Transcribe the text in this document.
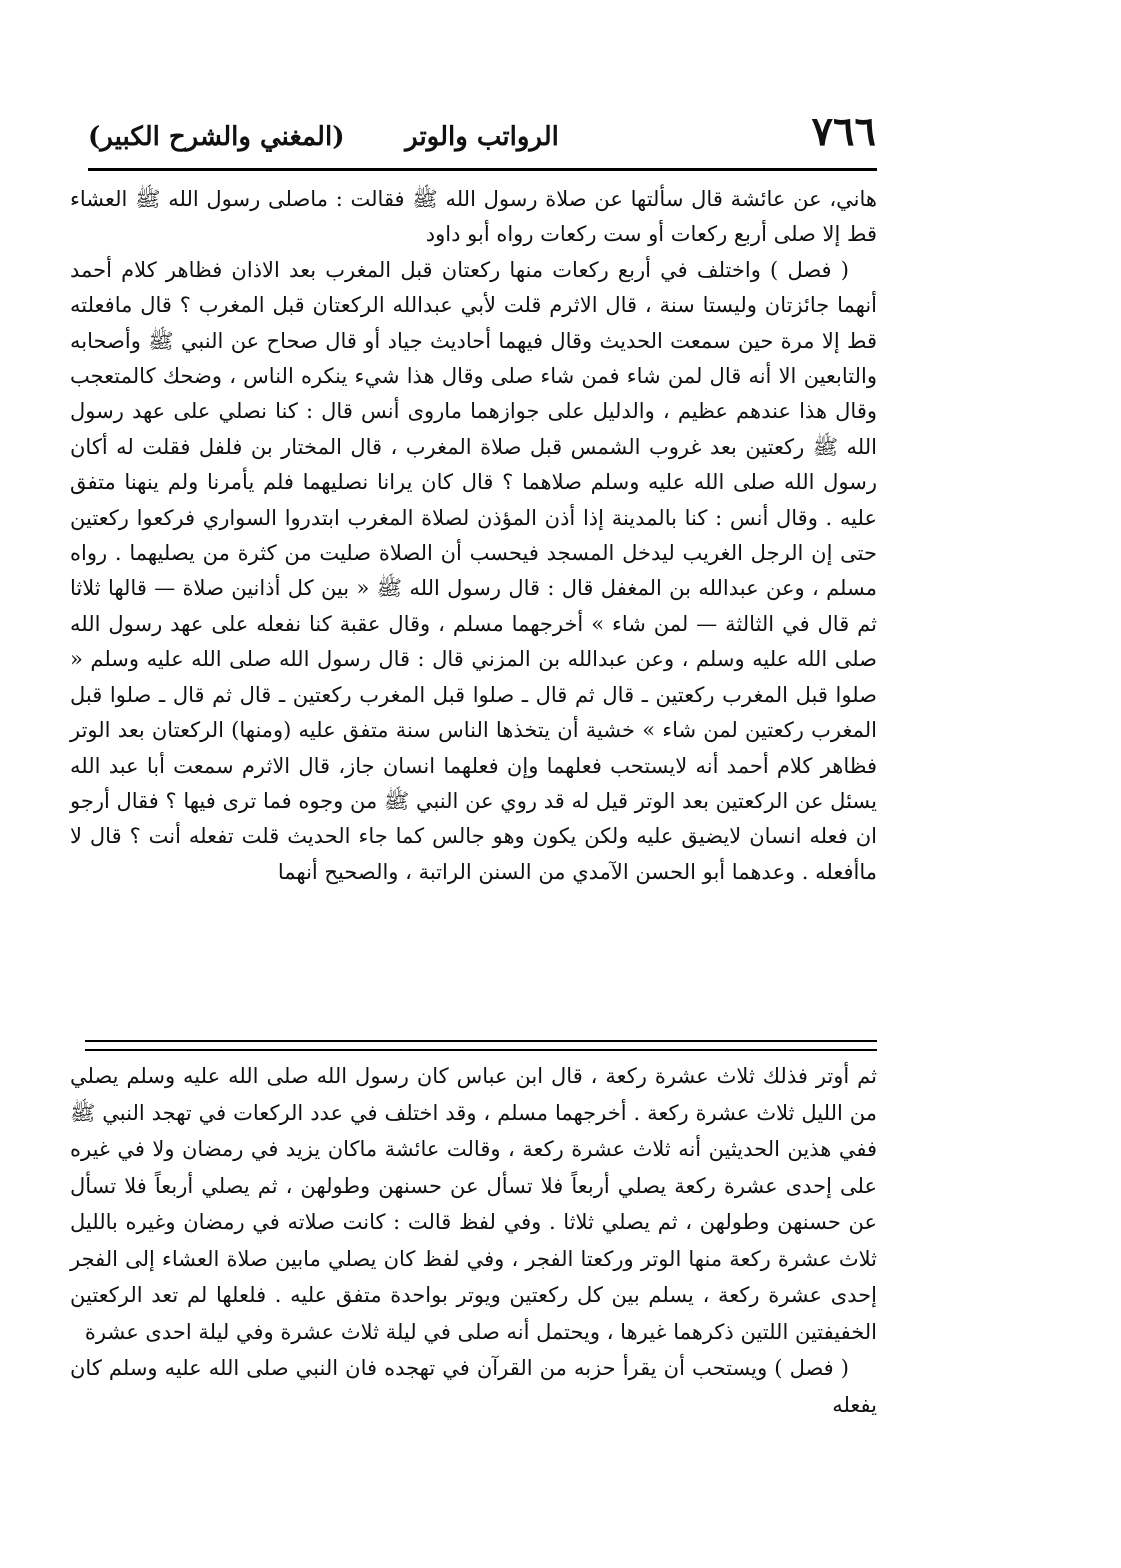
٧٦٦
الرواتب والوتر
(المغني والشرح الكبير)

هاني، عن عائشة قال سألتها عن صلاة رسول الله ﷺ فقالت : ماصلى رسول الله ﷺ العشاء قط إلا صلى أربع ركعات أو ست ركعات رواه أبو داود

( فصل ) واختلف في أربع ركعات منها ركعتان قبل المغرب بعد الاذان فظاهر كلام أحمد أنهما جائزتان وليستا سنة ، قال الاثرم قلت لأبي عبدالله الركعتان قبل المغرب ؟ قال مافعلته قط إلا مرة حين سمعت الحديث وقال فيهما أحاديث جياد أو قال صحاح عن النبي ﷺ وأصحابه والتابعين الا أنه قال لمن شاء فمن شاء صلى وقال هذا شيء ينكره الناس ، وضحك كالمتعجب وقال هذا عندهم عظيم ، والدليل على جوازهما ماروى أنس قال : كنا نصلي على عهد رسول الله ﷺ ركعتين بعد غروب الشمس قبل صلاة المغرب ، قال المختار بن فلفل فقلت له أكان رسول الله صلى الله عليه وسلم صلاهما ؟ قال كان يرانا نصليهما فلم يأمرنا ولم ينهنا متفق عليه . وقال أنس : كنا بالمدينة إذا أذن المؤذن لصلاة المغرب ابتدروا السواري فركعوا ركعتين حتى إن الرجل الغريب ليدخل المسجد فيحسب أن الصلاة صليت من كثرة من يصليهما . رواه مسلم ، وعن عبدالله بن المغفل قال : قال رسول الله ﷺ « بين كل أذانين صلاة — قالها ثلاثا ثم قال في الثالثة — لمن شاء » أخرجهما مسلم ، وقال عقبة كنا نفعله على عهد رسول الله صلى الله عليه وسلم ، وعن عبدالله بن المزني قال : قال رسول الله صلى الله عليه وسلم « صلوا قبل المغرب ركعتين ـ قال ثم قال ـ صلوا قبل المغرب ركعتين ـ قال ثم قال ـ صلوا قبل المغرب ركعتين لمن شاء » خشية أن يتخذها الناس سنة متفق عليه (ومنها) الركعتان بعد الوتر فظاهر كلام أحمد أنه لايستحب فعلهما وإن فعلهما انسان جاز، قال الاثرم سمعت أبا عبد الله يسئل عن الركعتين بعد الوتر قيل له قد روي عن النبي ﷺ من وجوه فما ترى فيها ؟ فقال أرجو ان فعله انسان لايضيق عليه ولكن يكون وهو جالس كما جاء الحديث قلت تفعله أنت ؟ قال لا ماأفعله . وعدهما أبو الحسن الآمدي من السنن الراتبة ، والصحيح أنهما

ثم أوتر فذلك ثلاث عشرة ركعة ، قال ابن عباس كان رسول الله صلى الله عليه وسلم يصلي من الليل ثلاث عشرة ركعة . أخرجهما مسلم ، وقد اختلف في عدد الركعات في تهجد النبي ﷺ ففي هذين الحديثين أنه ثلاث عشرة ركعة ، وقالت عائشة ماكان يزيد في رمضان ولا في غيره على إحدى عشرة ركعة يصلي أربعاً فلا تسأل عن حسنهن وطولهن ، ثم يصلي أربعاً فلا تسأل عن حسنهن وطولهن ، ثم يصلي ثلاثا . وفي لفظ قالت : كانت صلاته في رمضان وغيره بالليل ثلاث عشرة ركعة منها الوتر وركعتا الفجر ، وفي لفظ كان يصلي مابين صلاة العشاء إلى الفجر إحدى عشرة ركعة ، يسلم بين كل ركعتين ويوتر بواحدة متفق عليه . فلعلها لم تعد الركعتين الخفيفتين اللتين ذكرهما غيرها ، ويحتمل أنه صلى في ليلة ثلاث عشرة وفي ليلة احدى عشرة

( فصل ) ويستحب أن يقرأ حزبه من القرآن في تهجده فان النبي صلى الله عليه وسلم كان يفعله
